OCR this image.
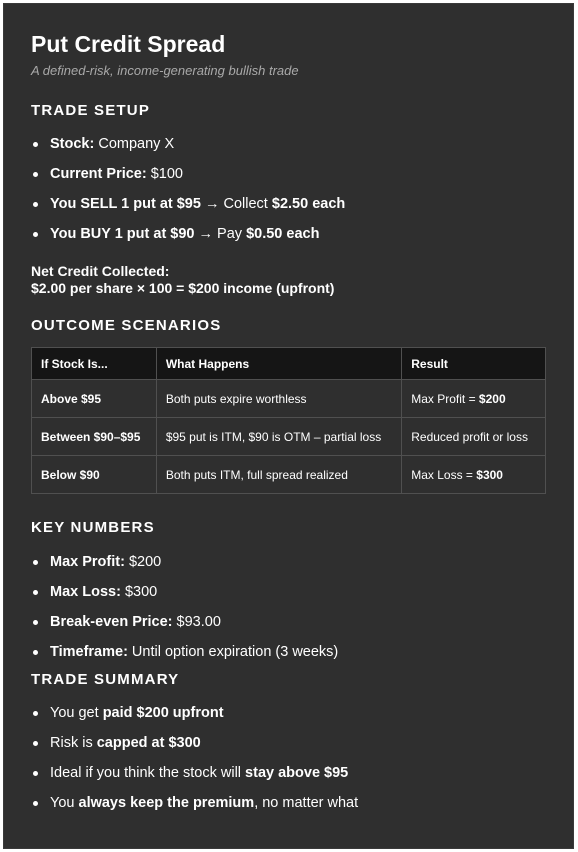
Put Credit Spread

A defined-risk, income-generating bullish trade

TRADE SETUP
Stock: Company X
Current Price: $100
You SELL 1 put at $95 → Collect $2.50 each
You BUY 1 put at $90 → Pay $0.50 each
Net Credit Collected:
$2.00 per share × 100 = $200 income (upfront)
OUTCOME SCENARIOS
If Stock Is...	What Happens	Result
Above $95	Both puts expire worthless	Max Profit = $200
Between $90–$95	$95 put is ITM, $90 is OTM – partial loss	Reduced profit or loss
Below $90	Both puts ITM, full spread realized	Max Loss = $300
KEY NUMBERS
Max Profit: $200
Max Loss: $300
Break-even Price: $93.00
Timeframe: Until option expiration (3 weeks)
TRADE SUMMARY
You get paid $200 upfront
Risk is capped at $300
Ideal if you think the stock will stay above $95
You always keep the premium, no matter what
